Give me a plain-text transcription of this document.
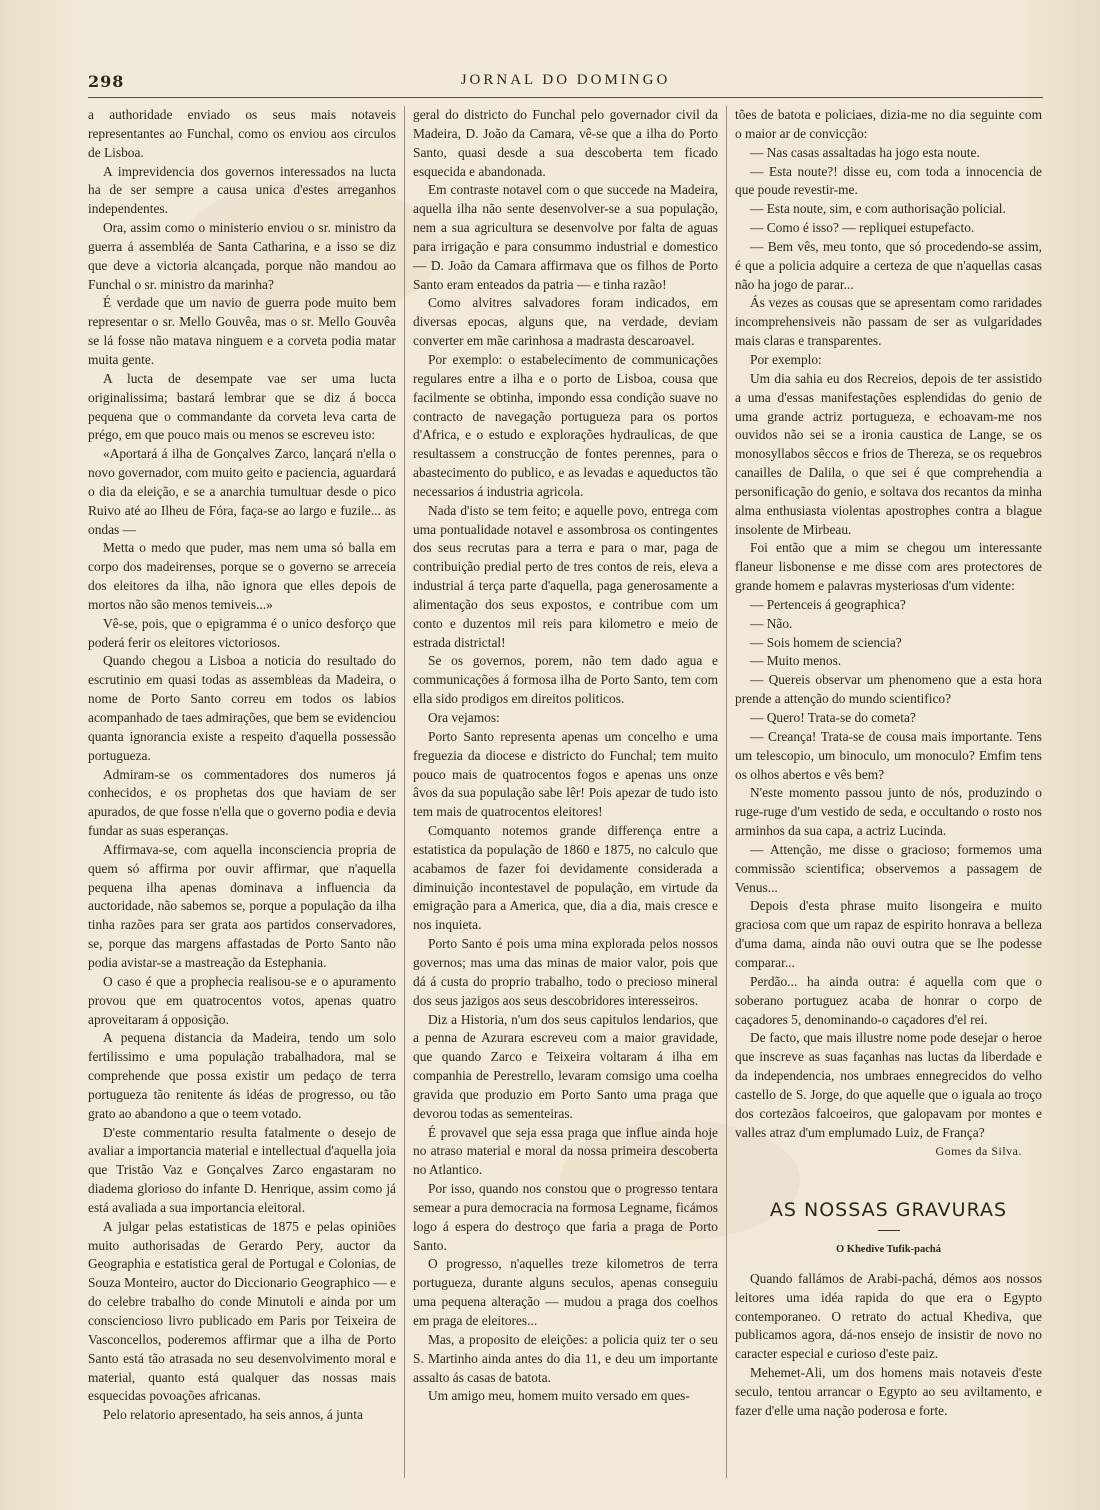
298	JORNAL DO DOMINGO

a authoridade enviado os seus mais notaveis representantes ao Funchal, como os enviou aos circulos de Lisboa.

A imprevidencia dos governos interessados na lucta ha de ser sempre a causa unica d'estes arreganhos independentes.

Ora, assim como o ministerio enviou o sr. ministro da guerra á assembléa de Santa Catharina, e a isso se diz que deve a victoria alcançada, porque não mandou ao Funchal o sr. ministro da marinha?

É verdade que um navio de guerra pode muito bem representar o sr. Mello Gouvêa, mas o sr. Mello Gouvêa se lá fosse não matava ninguem e a corveta podia matar muita gente.

A lucta de desempate vae ser uma lucta originalissima; bastará lembrar que se diz á bocca pequena que o commandante da corveta leva carta de prégo, em que pouco mais ou menos se escreveu isto:

«Aportará á ilha de Gonçalves Zarco, lançará n'ella o novo governador, com muito geito e paciencia, aguardará o dia da eleição, e se a anarchia tumultuar desde o pico Ruivo até ao Ilheu de Fóra, faça-se ao largo e fuzile... as ondas —

Metta o medo que puder, mas nem uma só balla em corpo dos madeirenses, porque se o governo se arreceia dos eleitores da ilha, não ignora que elles depois de mortos não são menos temiveis...»

Vê-se, pois, que o epigramma é o unico desforço que poderá ferir os eleitores victoriosos.

Quando chegou a Lisboa a noticia do resultado do escrutinio em quasi todas as assembleas da Madeira, o nome de Porto Santo correu em todos os labios acompanhado de taes admirações, que bem se evidenciou quanta ignorancia existe a respeito d'aquella possessão portugueza.

Admiram-se os commentadores dos numeros já conhecidos, e os prophetas dos que haviam de ser apurados, de que fosse n'ella que o governo podia e devia fundar as suas esperanças.

Affirmava-se, com aquella inconsciencia propria de quem só affirma por ouvir affirmar, que n'aquella pequena ilha apenas dominava a influencia da auctoridade, não sabemos se, porque a população da ilha tinha razões para ser grata aos partidos conservadores, se, porque das margens affastadas de Porto Santo não podia avistar-se a mastreação da Estephania.

O caso é que a prophecia realisou-se e o apuramento provou que em quatrocentos votos, apenas quatro aproveitaram á opposição.

A pequena distancia da Madeira, tendo um solo fertilissimo e uma população trabalhadora, mal se comprehende que possa existir um pedaço de terra portugueza tão renitente ás idéas de progresso, ou tão grato ao abandono a que o teem votado.

D'este commentario resulta fatalmente o desejo de avaliar a importancia material e intellectual d'aquella joia que Tristão Vaz e Gonçalves Zarco engastaram no diadema glorioso do infante D. Henrique, assim como já está avaliada a sua importancia eleitoral.

A julgar pelas estatisticas de 1875 e pelas opiniões muito authorisadas de Gerardo Pery, auctor da Geographia e estatistica geral de Portugal e Colonias, de Souza Monteiro, auctor do Diccionario Geographico — e do celebre trabalho do conde Minutoli e ainda por um consciencioso livro publicado em Paris por Teixeira de Vasconcellos, poderemos affirmar que a ilha de Porto Santo está tão atrasada no seu desenvolvimento moral e material, quanto está qualquer das nossas mais esquecidas povoações africanas.

Pelo relatorio apresentado, ha seis annos, á junta

geral do districto do Funchal pelo governador civil da Madeira, D. João da Camara, vê-se que a ilha do Porto Santo, quasi desde a sua descoberta tem ficado esquecida e abandonada.

Em contraste notavel com o que succede na Madeira, aquella ilha não sente desenvolver-se a sua população, nem a sua agricultura se desenvolve por falta de aguas para irrigação e para consummo industrial e domestico — D. João da Camara affirmava que os filhos de Porto Santo eram enteados da patria — e tinha razão!

Como alvitres salvadores foram indicados, em diversas epocas, alguns que, na verdade, deviam converter em mãe carinhosa a madrasta descaroavel.

Por exemplo: o estabelecimento de communicações regulares entre a ilha e o porto de Lisboa, cousa que facilmente se obtinha, impondo essa condição suave no contracto de navegação portugueza para os portos d'Africa, e o estudo e explorações hydraulicas, de que resultassem a construcção de fontes perennes, para o abastecimento do publico, e as levadas e aqueductos tão necessarios á industria agricola.

Nada d'isto se tem feito; e aquelle povo, entrega com uma pontualidade notavel e assombrosa os contingentes dos seus recrutas para a terra e para o mar, paga de contribuição predial perto de tres contos de reis, eleva a industrial á terça parte d'aquella, paga generosamente a alimentação dos seus expostos, e contribue com um conto e duzentos mil reis para kilometro e meio de estrada districtal!

Se os governos, porem, não tem dado agua e communicações á formosa ilha de Porto Santo, tem com ella sido prodigos em direitos politicos.

Ora vejamos:

Porto Santo representa apenas um concelho e uma freguezia da diocese e districto do Funchal; tem muito pouco mais de quatrocentos fogos e apenas uns onze âvos da sua população sabe lêr! Pois apezar de tudo isto tem mais de quatrocentos eleitores!

Comquanto notemos grande differença entre a estatistica da população de 1860 e 1875, no calculo que acabamos de fazer foi devidamente considerada a diminuição incontestavel de população, em virtude da emigração para a America, que, dia a dia, mais cresce e nos inquieta.

Porto Santo é pois uma mina explorada pelos nossos governos; mas uma das minas de maior valor, pois que dá á custa do proprio trabalho, todo o precioso mineral dos seus jazigos aos seus descobridores interesseiros.

Diz a Historia, n'um dos seus capitulos lendarios, que a penna de Azurara escreveu com a maior gravidade, que quando Zarco e Teixeira voltaram á ilha em companhia de Perestrello, levaram comsigo uma coelha gravida que produzio em Porto Santo uma praga que devorou todas as sementeiras.

É provavel que seja essa praga que influe ainda hoje no atraso material e moral da nossa primeira descoberta no Atlantico.

Por isso, quando nos constou que o progresso tentara semear a pura democracia na formosa Legname, ficámos logo á espera do destroço que faria a praga de Porto Santo.

O progresso, n'aquelles treze kilometros de terra portugueza, durante alguns seculos, apenas conseguiu uma pequena alteração — mudou a praga dos coelhos em praga de eleitores...

Mas, a proposito de eleições: a policia quiz ter o seu S. Martinho ainda antes do dia 11, e deu um importante assalto ás casas de batota.

Um amigo meu, homem muito versado em ques-

tões de batota e policiaes, dizia-me no dia seguinte com o maior ar de convicção:

— Nas casas assaltadas ha jogo esta noute.

— Esta noute?! disse eu, com toda a innocencia de que poude revestir-me.

— Esta noute, sim, e com authorisação policial.

— Como é isso? — repliquei estupefacto.

— Bem vês, meu tonto, que só procedendo-se assim, é que a policia adquire a certeza de que n'aquellas casas não ha jogo de parar...

Ás vezes as cousas que se apresentam como raridades incomprehensiveis não passam de ser as vulgaridades mais claras e transparentes.

Por exemplo:

Um dia sahia eu dos Recreios, depois de ter assistido a uma d'essas manifestações esplendidas do genio de uma grande actriz portugueza, e echoavam-me nos ouvidos não sei se a ironia caustica de Lange, se os monosyllabos sêccos e frios de Thereza, se os requebros canailles de Dalila, o que sei é que comprehendia a personificação do genio, e soltava dos recantos da minha alma enthusiasta violentas apostrophes contra a blague insolente de Mirbeau.

Foi então que a mim se chegou um interessante flaneur lisbonense e me disse com ares protectores de grande homem e palavras mysteriosas d'um vidente:

— Pertenceis á geographica?

— Não.

— Sois homem de sciencia?

— Muito menos.

— Quereis observar um phenomeno que a esta hora prende a attenção do mundo scientifico?

— Quero! Trata-se do cometa?

— Creança! Trata-se de cousa mais importante. Tens um telescopio, um binoculo, um monoculo? Emfim tens os olhos abertos e vês bem?

N'este momento passou junto de nós, produzindo o ruge-ruge d'um vestido de seda, e occultando o rosto nos arminhos da sua capa, a actriz Lucinda.

— Attenção, me disse o gracioso; formemos uma commissão scientifica; observemos a passagem de Venus...

Depois d'esta phrase muito lisongeira e muito graciosa com que um rapaz de espirito honrava a belleza d'uma dama, ainda não ouvi outra que se lhe podesse comparar...

Perdão... ha ainda outra: é aquella com que o soberano portuguez acaba de honrar o corpo de caçadores 5, denominando-o caçadores d'el rei.

De facto, que mais illustre nome pode desejar o heroe que inscreve as suas façanhas nas luctas da liberdade e da independencia, nos umbraes ennegrecidos do velho castello de S. Jorge, do que aquelle que o iguala ao troço dos cortezãos falcoeiros, que galopavam por montes e valles atraz d'um emplumado Luiz, de França?

Gomes da Silva.
AS NOSSAS GRAVURAS
O Khedive Tufik-pachá

Quando fallámos de Arabi-pachá, démos aos nossos leitores uma idéa rapida do que era o Egypto contemporaneo. O retrato do actual Khediva, que publicamos agora, dá-nos ensejo de insistir de novo no caracter especial e curioso d'este paiz.

Mehemet-Ali, um dos homens mais notaveis d'este seculo, tentou arrancar o Egypto ao seu aviltamento, e fazer d'elle uma nação poderosa e forte.
